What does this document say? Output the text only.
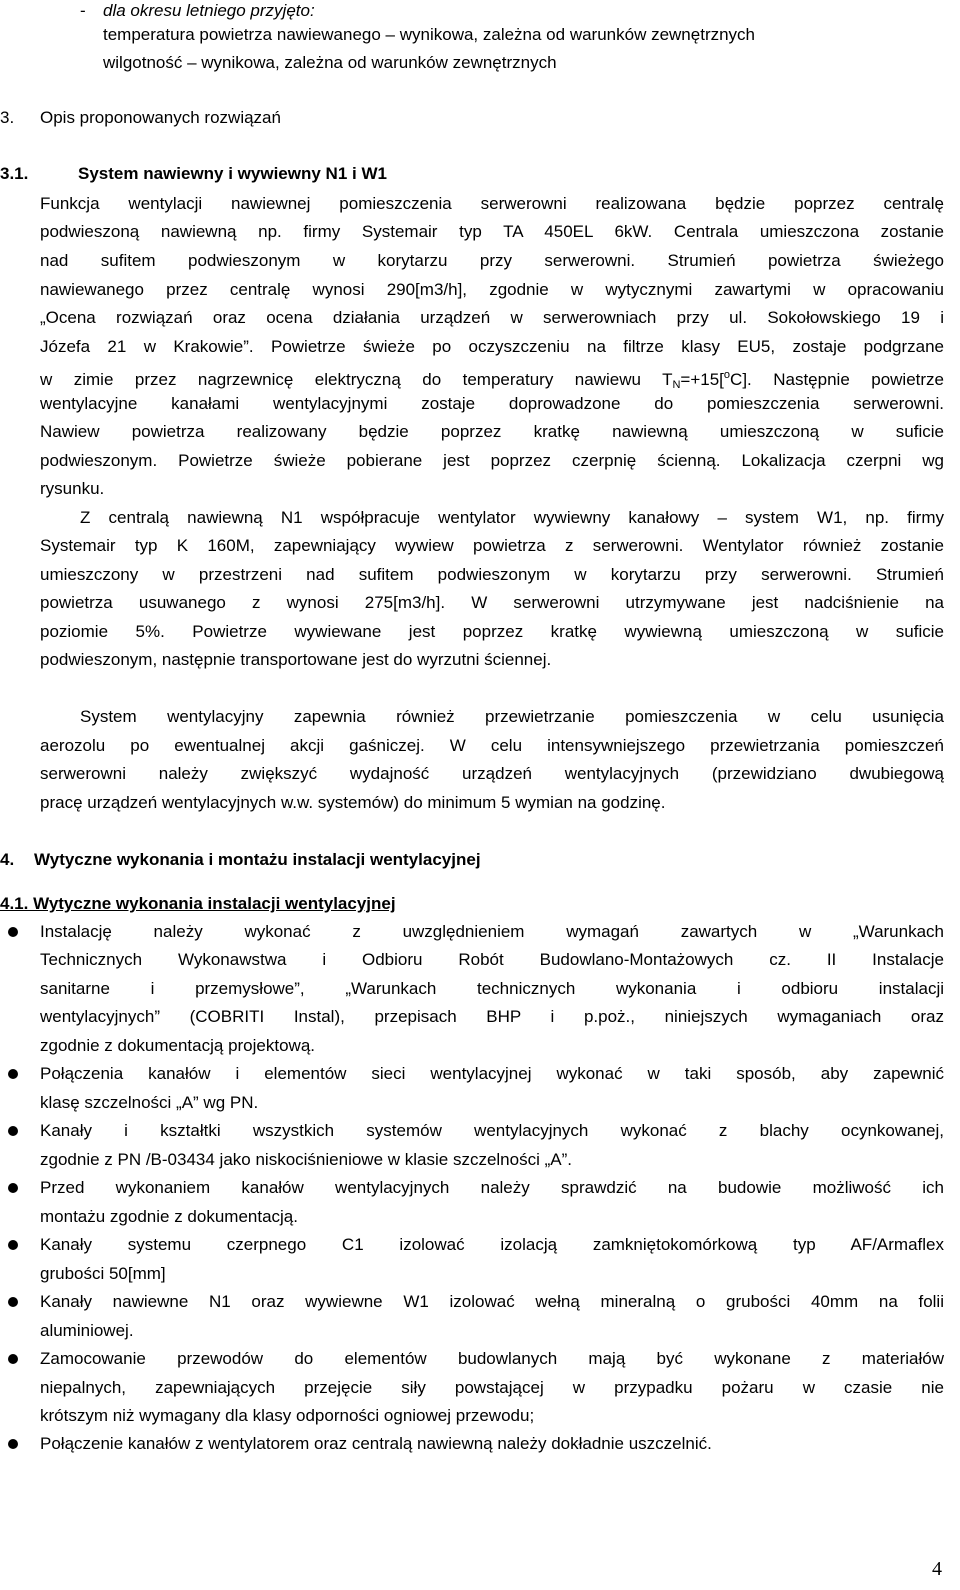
- dla okresu letniego przyjęto:
temperatura powietrza nawiewanego – wynikowa, zależna od warunków zewnętrznych
wilgotność – wynikowa, zależna od warunków zewnętrznych
3. Opis proponowanych rozwiązań
3.1.	System nawiewny i wywiewny N1 i W1
Funkcja wentylacji nawiewnej pomieszczenia serwerowni realizowana będzie poprzez centralę
podwieszoną nawiewną np. firmy Systemair typ TA 450EL 6kW. Centrala umieszczona zostanie
nad sufitem podwieszonym w korytarzu przy serwerowni. Strumień powietrza świeżego
nawiewanego przez centralę wynosi 290[m3/h], zgodnie w wytycznymi zawartymi w opracowaniu
„Ocena rozwiązań oraz ocena działania urządzeń w serwerowniach przy ul. Sokołowskiego 19 i
Józefa 21 w Krakowie”. Powietrze świeże po oczyszczeniu na filtrze klasy EU5, zostaje podgrzane
w zimie przez nagrzewnicę elektryczną do temperatury nawiewu $T_N=+15[^oC]$. Następnie powietrze
wentylacyjne kanałami wentylacyjnymi zostaje doprowadzone do pomieszczenia serwerowni.
Nawiew powietrza realizowany będzie poprzez kratkę nawiewną umieszczoną w suficie
podwieszonym. Powietrze świeże pobierane jest poprzez czerpnię ścienną. Lokalizacja czerpni wg
rysunku.
Z centralą nawiewną N1 współpracuje wentylator wywiewny kanałowy – system W1, np. firmy
Systemair typ K 160M, zapewniający wywiew powietrza z serwerowni. Wentylator również zostanie
umieszczony w przestrzeni nad sufitem podwieszonym w korytarzu przy serwerowni. Strumień
powietrza usuwanego z wynosi 275[m3/h]. W serwerowni utrzymywane jest nadciśnienie na
poziomie 5%. Powietrze wywiewane jest poprzez kratkę wywiewną umieszczoną w suficie
podwieszonym, następnie transportowane jest do wyrzutni ściennej.
System wentylacyjny zapewnia również przewietrzanie pomieszczenia w celu usunięcia
aerozolu po ewentualnej akcji gaśniczej. W celu intensywniejszego przewietrzania pomieszczeń
serwerowni należy zwiększyć wydajność urządzeń wentylacyjnych (przewidziano dwubiegową
pracę urządzeń wentylacyjnych w.w. systemów) do minimum 5 wymian na godzinę.
4. Wytyczne wykonania i montażu instalacji wentylacyjnej
4.1. Wytyczne wykonania instalacji wentylacyjnej
Instalację należy wykonać z uwzględnieniem wymagań zawartych w „Warunkach
Technicznych Wykonawstwa i Odbioru Robót Budowlano-Montażowych cz. II Instalacje
sanitarne i przemysłowe”, „Warunkach technicznych wykonania i odbioru instalacji
wentylacyjnych” (COBRITI Instal), przepisach BHP i p.poż., niniejszych wymaganiach oraz
zgodnie z dokumentacją projektową.
Połączenia kanałów i elementów sieci wentylacyjnej wykonać w taki sposób, aby zapewnić
klasę szczelności „A” wg PN.
Kanały i kształtki wszystkich systemów wentylacyjnych wykonać z blachy ocynkowanej,
zgodnie z PN /B-03434 jako niskociśnieniowe w klasie szczelności „A”.
Przed wykonaniem kanałów wentylacyjnych należy sprawdzić na budowie możliwość ich
montażu zgodnie z dokumentacją.
Kanały systemu czerpnego C1 izolować izolacją zamkniętokomórkową typ AF/Armaflex
grubości 50[mm]
Kanały nawiewne N1 oraz wywiewne W1 izolować wełną mineralną o grubości 40mm na folii
aluminiowej.
Zamocowanie przewodów do elementów budowlanych mają być wykonane z materiałów
niepalnych, zapewniających przejęcie siły powstającej w przypadku pożaru w czasie nie
krótszym niż wymagany dla klasy odporności ogniowej przewodu;
Połączenie kanałów z wentylatorem oraz centralą nawiewną należy dokładnie uszczelnić.
4
